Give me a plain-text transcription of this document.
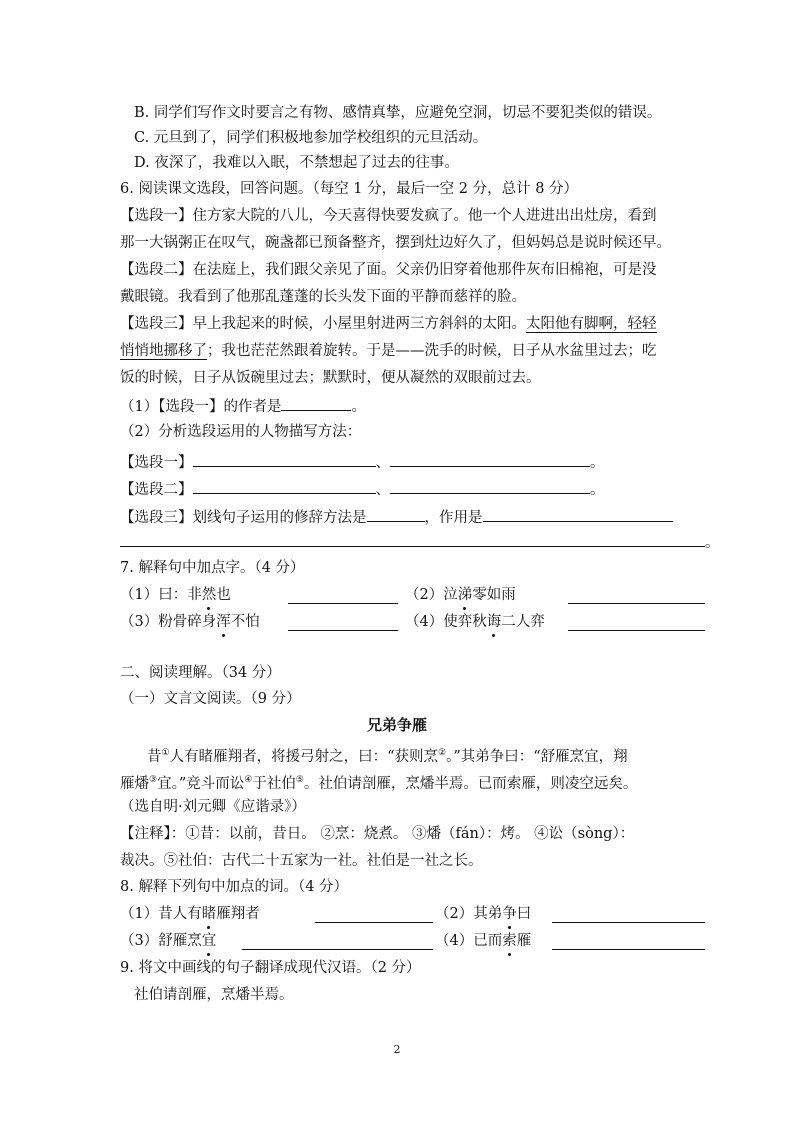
B. 同学们写作文时要言之有物、感情真挚，应避免空洞，切忌不要犯类似的错误。
C. 元旦到了，同学们积极地参加学校组织的元旦活动。
D. 夜深了，我难以入眠，不禁想起了过去的往事。
6. 阅读课文选段，回答问题。（每空 1 分，最后一空 2 分，总计 8 分）
【选段一】住方家大院的八儿，今天喜得快要发疯了。他一个人进进出出灶房，看到
那一大锅粥正在叹气，碗盏都已预备整齐，摆到灶边好久了，但妈妈总是说时候还早。
【选段二】在法庭上，我们跟父亲见了面。父亲仍旧穿着他那件灰布旧棉袍，可是没
戴眼镜。我看到了他那乱蓬蓬的长头发下面的平静而慈祥的脸。
【选段三】早上我起来的时候，小屋里射进两三方斜斜的太阳。太阳他有脚啊，轻轻
悄悄地挪移了；我也茫茫然跟着旋转。于是——洗手的时候，日子从水盆里过去；吃
饭的时候，日子从饭碗里过去；默默时，便从凝然的双眼前过去。
（1）【选段一】的作者是	。
（2）分析选段运用的人物描写方法：
【选段一】	、	。
【选段二】	、	。
【选段三】划线句子运用的修辞方法是	，作用是
。
7. 解释句中加点字。（4 分）
（1）曰：非然也	（2）泣涕零如雨
（3）粉骨碎身浑不怕	（4）使弈秋诲二人弈
二、阅读理解。（34 分）
（一）文言文阅读。（9 分）
兄弟争雁
昔①人有睹雁翔者，将援弓射之，曰：“获则烹②。”其弟争曰：“舒雁烹宜，翔
雁燔③宜。”竞斗而讼④于社伯⑤。社伯请剖雁，烹燔半焉。已而索雁，则凌空远矣。
（选自明·刘元卿《应谐录》）
【注释】：①昔：以前，昔日。 ②烹：烧煮。 ③燔（fán）：烤。 ④讼（sòng）：
裁决。⑤社伯：古代二十五家为一社。社伯是一社之长。
8. 解释下列句中加点的词。（4 分）
（1）昔人有睹雁翔者	（2）其弟争曰
（3）舒雁烹宜	（4）已而索雁
9. 将文中画线的句子翻译成现代汉语。（2 分）
社伯请剖雁，烹燔半焉。
2
